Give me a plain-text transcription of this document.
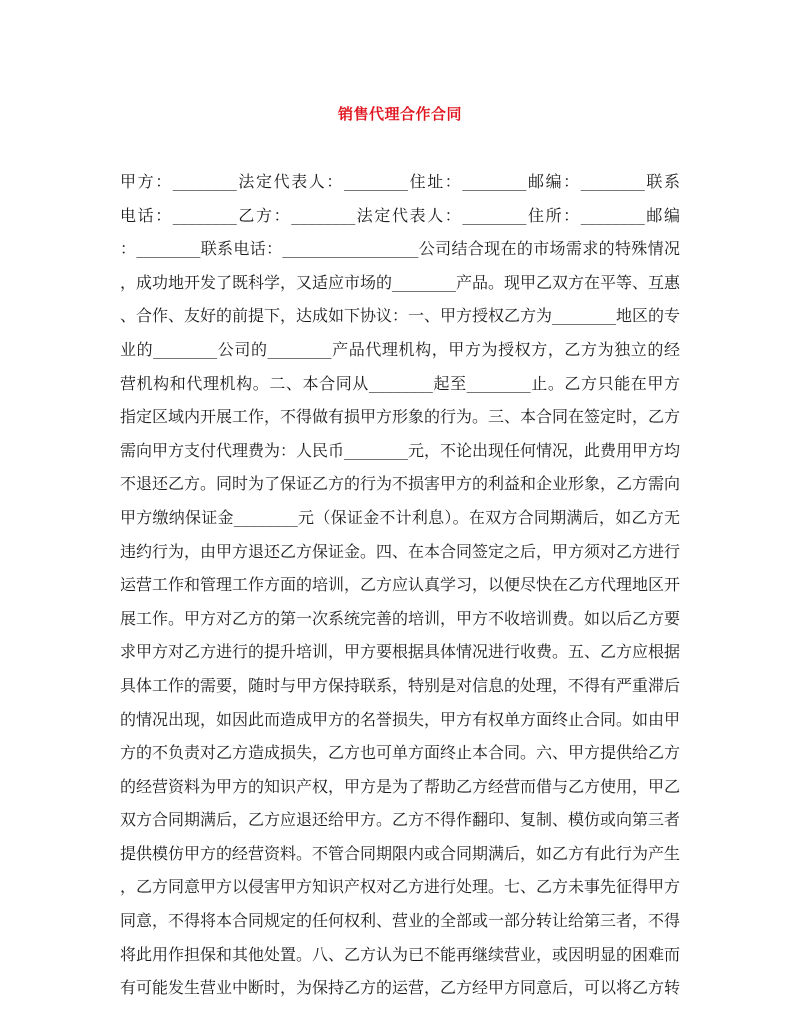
销售代理合作合同
甲方：________法定代表人：________住址：________邮编：________联系
电话：________乙方：________法定代表人：________住所：________邮编
：________联系电话：_________________公司结合现在的市场需求的特殊情况
，成功地开发了既科学，又适应市场的________产品。现甲乙双方在平等、互惠
、合作、友好的前提下，达成如下协议：一、甲方授权乙方为________地区的专
业的________公司的________产品代理机构，甲方为授权方，乙方为独立的经
营机构和代理机构。二、本合同从________起至________止。乙方只能在甲方
指定区域内开展工作，不得做有损甲方形象的行为。三、本合同在签定时，乙方
需向甲方支付代理费为：人民币________元，不论出现任何情况，此费用甲方均
不退还乙方。同时为了保证乙方的行为不损害甲方的利益和企业形象，乙方需向
甲方缴纳保证金________元（保证金不计利息）。在双方合同期满后，如乙方无
违约行为，由甲方退还乙方保证金。四、在本合同签定之后，甲方须对乙方进行
运营工作和管理工作方面的培训，乙方应认真学习，以便尽快在乙方代理地区开
展工作。甲方对乙方的第一次系统完善的培训，甲方不收培训费。如以后乙方要
求甲方对乙方进行的提升培训，甲方要根据具体情况进行收费。五、乙方应根据
具体工作的需要，随时与甲方保持联系，特别是对信息的处理，不得有严重滞后
的情况出现，如因此而造成甲方的名誉损失，甲方有权单方面终止合同。如由甲
方的不负责对乙方造成损失，乙方也可单方面终止本合同。六、甲方提供给乙方
的经营资料为甲方的知识产权，甲方是为了帮助乙方经营而借与乙方使用，甲乙
双方合同期满后，乙方应退还给甲方。乙方不得作翻印、复制、模仿或向第三者
提供模仿甲方的经营资料。不管合同期限内或合同期满后，如乙方有此行为产生
，乙方同意甲方以侵害甲方知识产权对乙方进行处理。七、乙方未事先征得甲方
同意，不得将本合同规定的任何权利、营业的全部或一部分转让给第三者，不得
将此用作担保和其他处置。八、乙方认为已不能再继续营业，或因明显的困难而
有可能发生营业中断时，为保持乙方的运营，乙方经甲方同意后，可以将乙方转
